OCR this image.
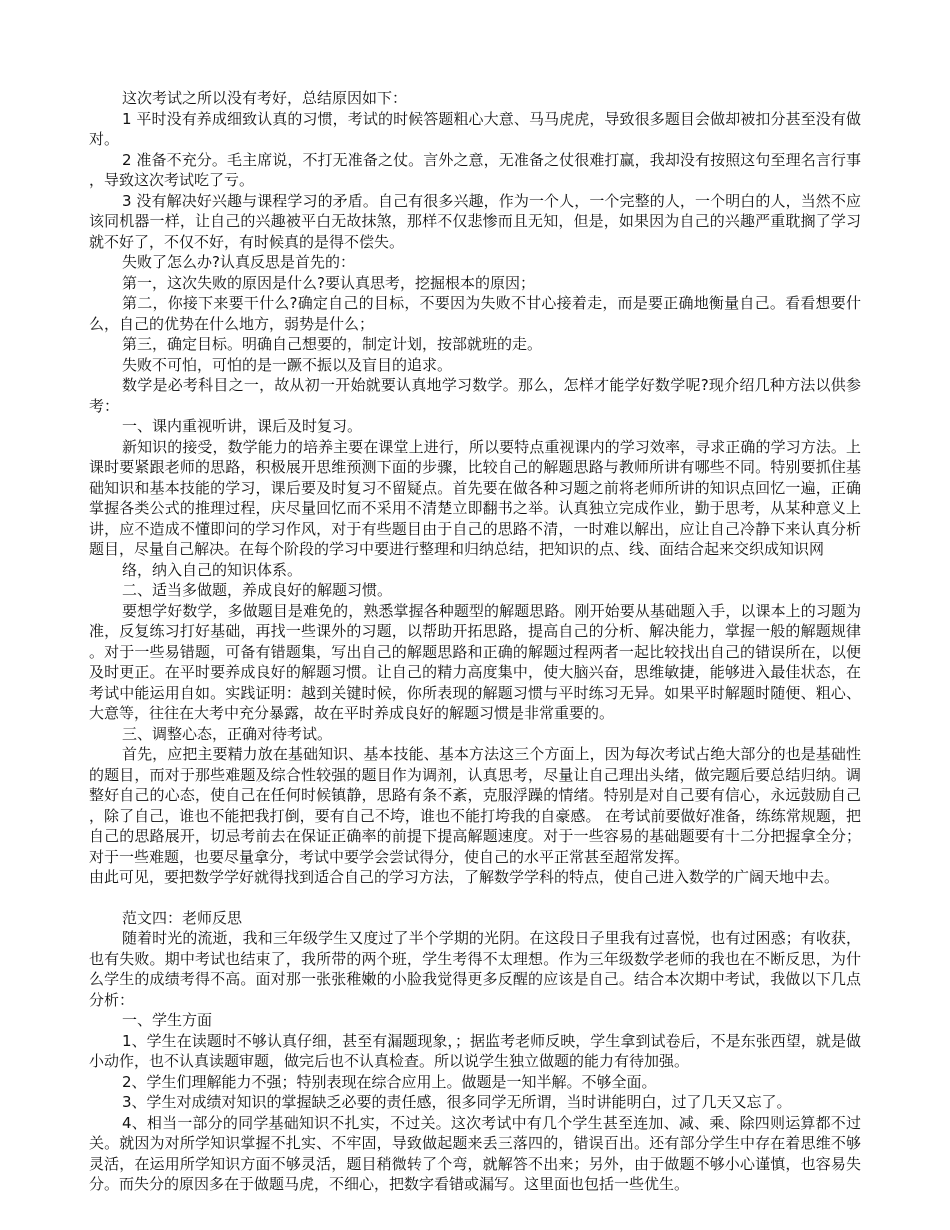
这次考试之所以没有考好，总结原因如下：

1 平时没有养成细致认真的习惯，考试的时候答题粗心大意、马马虎虎，导致很多题目会做却被扣分甚至没有做对。

2 准备不充分。毛主席说，不打无准备之仗。言外之意，无准备之仗很难打赢，我却没有按照这句至理名言行事，导致这次考试吃了亏。

3 没有解决好兴趣与课程学习的矛盾。自己有很多兴趣，作为一个人，一个完整的人，一个明白的人，当然不应该同机器一样，让自己的兴趣被平白无故抹煞，那样不仅悲惨而且无知，但是，如果因为自己的兴趣严重耽搁了学习就不好了，不仅不好，有时候真的是得不偿失。

失败了怎么办?认真反思是首先的：

第一，这次失败的原因是什么?要认真思考，挖掘根本的原因；

第二，你接下来要干什么?确定自己的目标，不要因为失败不甘心接着走，而是要正确地衡量自己。看看想要什么，自己的优势在什么地方，弱势是什么；

第三，确定目标。明确自己想要的，制定计划，按部就班的走。

失败不可怕，可怕的是一蹶不振以及盲目的追求。

数学是必考科目之一，故从初一开始就要认真地学习数学。那么，怎样才能学好数学呢?现介绍几种方法以供参考：

一、课内重视听讲，课后及时复习。

新知识的接受，数学能力的培养主要在课堂上进行，所以要特点重视课内的学习效率，寻求正确的学习方法。上课时要紧跟老师的思路，积极展开思维预测下面的步骤，比较自己的解题思路与教师所讲有哪些不同。特别要抓住基础知识和基本技能的学习，课后要及时复习不留疑点。首先要在做各种习题之前将老师所讲的知识点回忆一遍，正确掌握各类公式的推理过程，庆尽量回忆而不采用不清楚立即翻书之举。认真独立完成作业，勤于思考，从某种意义上讲，应不造成不懂即问的学习作风，对于有些题目由于自己的思路不清，一时难以解出，应让自己冷静下来认真分析题目，尽量自己解决。在每个阶段的学习中要进行整理和归纳总结，把知识的点、线、面结合起来交织成知识网

络，纳入自己的知识体系。

二、适当多做题，养成良好的解题习惯。

要想学好数学，多做题目是难免的，熟悉掌握各种题型的解题思路。刚开始要从基础题入手，以课本上的习题为准，反复练习打好基础，再找一些课外的习题，以帮助开拓思路，提高自己的分析、解决能力，掌握一般的解题规律。对于一些易错题，可备有错题集，写出自己的解题思路和正确的解题过程两者一起比较找出自己的错误所在，以便及时更正。在平时要养成良好的解题习惯。让自己的精力高度集中，使大脑兴奋，思维敏捷，能够进入最佳状态，在考试中能运用自如。实践证明：越到关键时候，你所表现的解题习惯与平时练习无异。如果平时解题时随便、粗心、大意等，往往在大考中充分暴露，故在平时养成良好的解题习惯是非常重要的。

三、调整心态，正确对待考试。

首先，应把主要精力放在基础知识、基本技能、基本方法这三个方面上，因为每次考试占绝大部分的也是基础性的题目，而对于那些难题及综合性较强的题目作为调剂，认真思考，尽量让自己理出头绪，做完题后要总结归纳。调整好自己的心态，使自己在任何时候镇静，思路有条不紊，克服浮躁的情绪。特别是对自己要有信心，永远鼓励自己，除了自己，谁也不能把我打倒，要有自己不垮，谁也不能打垮我的自豪感。 在考试前要做好准备，练练常规题，把自己的思路展开，切忌考前去在保证正确率的前提下提高解题速度。对于一些容易的基础题要有十二分把握拿全分；对于一些难题，也要尽量拿分，考试中要学会尝试得分，使自己的水平正常甚至超常发挥。

由此可见，要把数学学好就得找到适合自己的学习方法，了解数学学科的特点，使自己进入数学的广阔天地中去。

范文四：老师反思

随着时光的流逝，我和三年级学生又度过了半个学期的光阴。在这段日子里我有过喜悦，也有过困惑；有收获，也有失败。期中考试也结束了，我所带的两个班，学生考得不太理想。作为三年级数学老师的我也在不断反思，为什么学生的成绩考得不高。面对那一张张稚嫩的小脸我觉得更多反醒的应该是自己。结合本次期中考试，我做以下几点分析：

一、学生方面

1、学生在读题时不够认真仔细，甚至有漏题现象，；据监考老师反映，学生拿到试卷后，不是东张西望，就是做小动作，也不认真读题审题，做完后也不认真检查。所以说学生独立做题的能力有待加强。

2、学生们理解能力不强；特别表现在综合应用上。做题是一知半解。不够全面。

3、学生对成绩对知识的掌握缺乏必要的责任感，很多同学无所谓，当时讲能明白，过了几天又忘了。

4、相当一部分的同学基础知识不扎实，不过关。这次考试中有几个学生甚至连加、减、乘、除四则运算都不过关。就因为对所学知识掌握不扎实、不牢固，导致做起题来丢三落四的，错误百出。还有部分学生中存在着思维不够灵活，在运用所学知识方面不够灵活，题目稍微转了个弯，就解答不出来；另外，由于做题不够小心谨慎，也容易失分。而失分的原因多在于做题马虎，不细心，把数字看错或漏写。这里面也包括一些优生。
